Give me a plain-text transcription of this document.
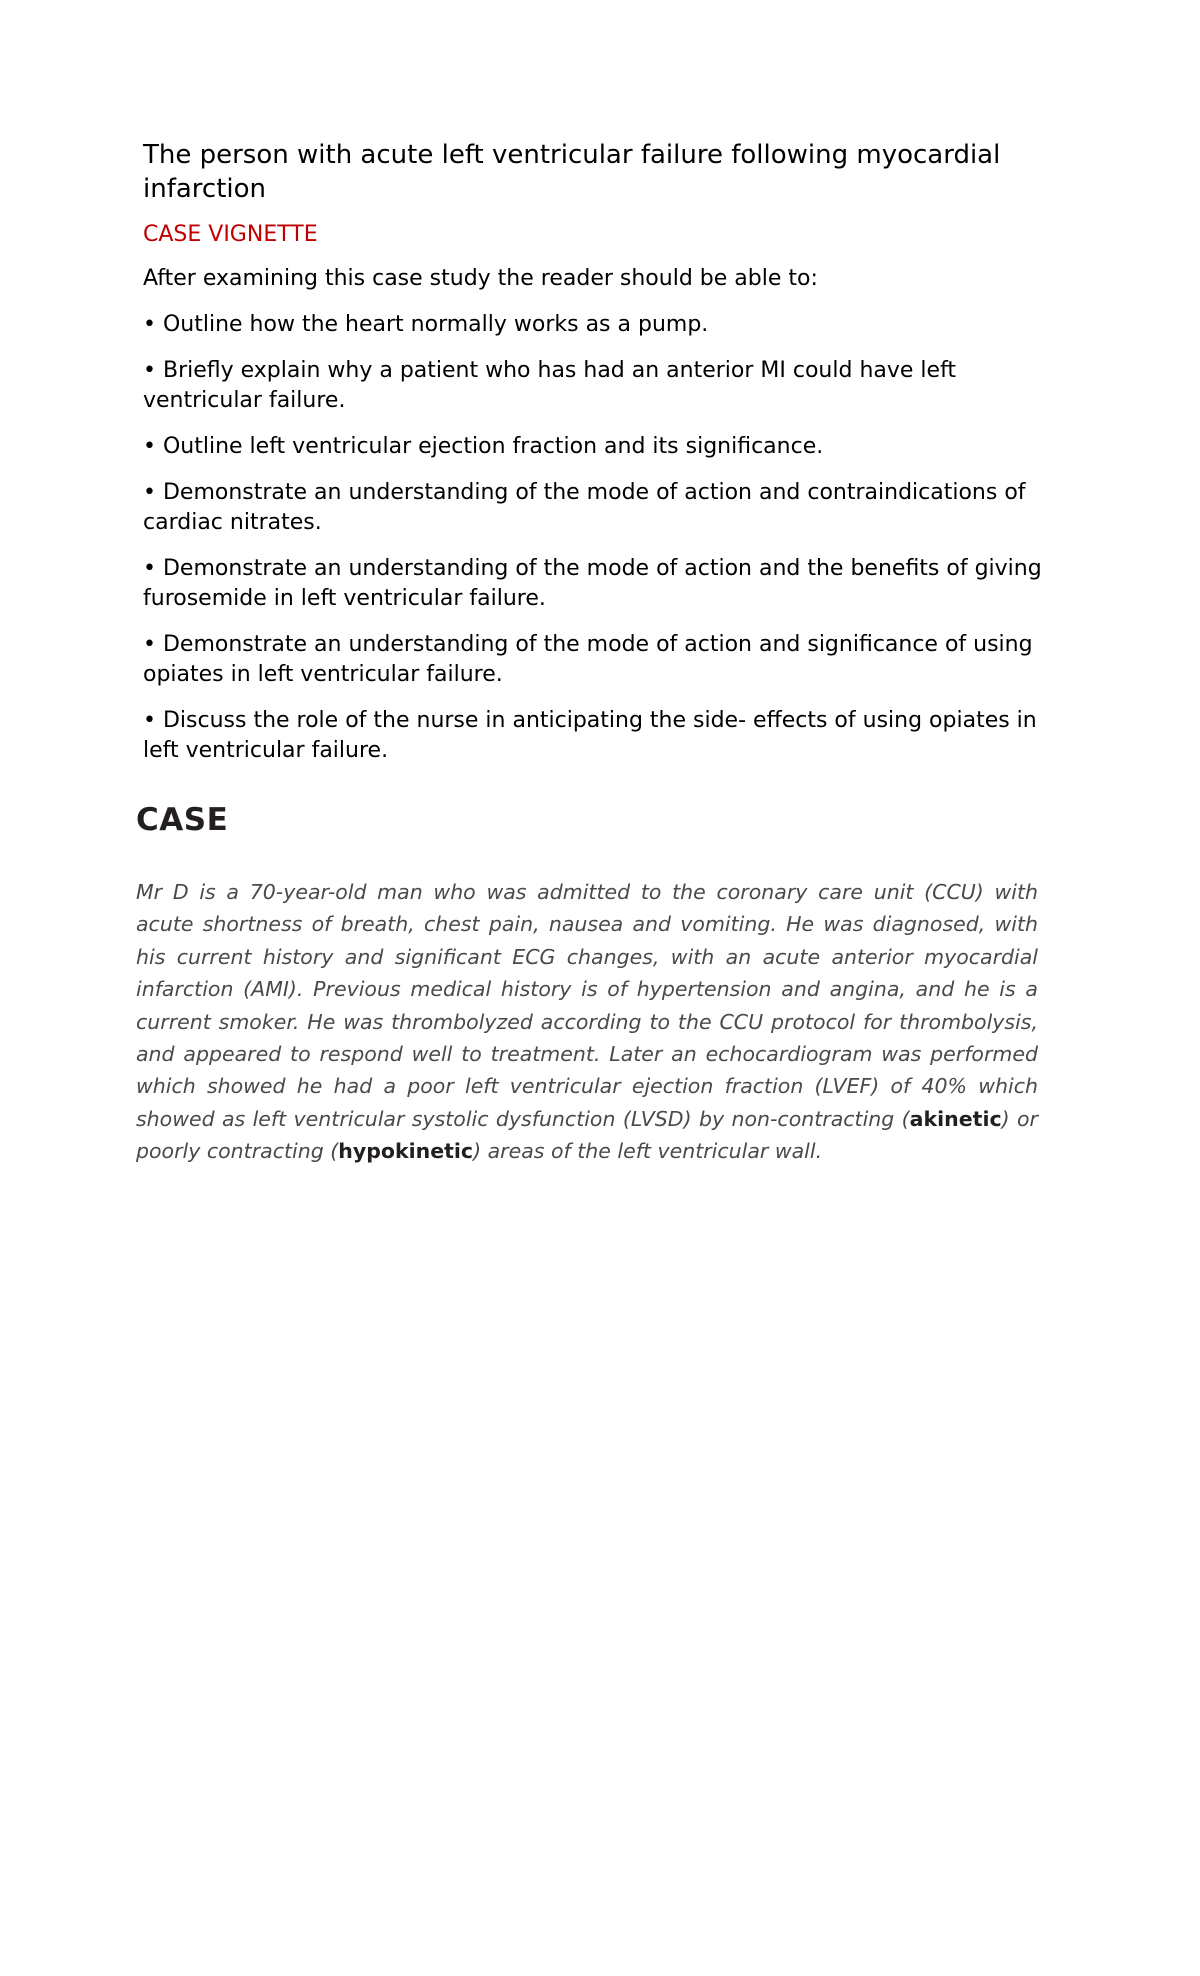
The person with acute left ventricular failure following myocardial infarction
CASE VIGNETTE

After examining this case study the reader should be able to:

• Outline how the heart normally works as a pump.
• Briefly explain why a patient who has had an anterior MI could have left ventricular failure.
• Outline left ventricular ejection fraction and its significance.
• Demonstrate an understanding of the mode of action and contraindications of cardiac nitrates.
• Demonstrate an understanding of the mode of action and the benefits of giving furosemide in left ventricular failure.
• Demonstrate an understanding of the mode of action and significance of using opiates in left ventricular failure.
• Discuss the role of the nurse in anticipating the side- effects of using opiates in left ventricular failure.
CASE

Mr D is a 70-year-old man who was admitted to the coronary care unit (CCU) with acute shortness of breath, chest pain, nausea and vomiting. He was diagnosed, with his current history and significant ECG changes, with an acute anterior myocardial infarction (AMI). Previous medical history is of hypertension and angina, and he is a current smoker. He was thrombolyzed according to the CCU protocol for thrombolysis, and appeared to respond well to treatment. Later an echocardiogram was performed which showed he had a poor left ventricular ejection fraction (LVEF) of 40% which showed as left ventricular systolic dysfunction (LVSD) by non-contracting (akinetic) or poorly contracting (hypokinetic) areas of the left ventricular wall.
